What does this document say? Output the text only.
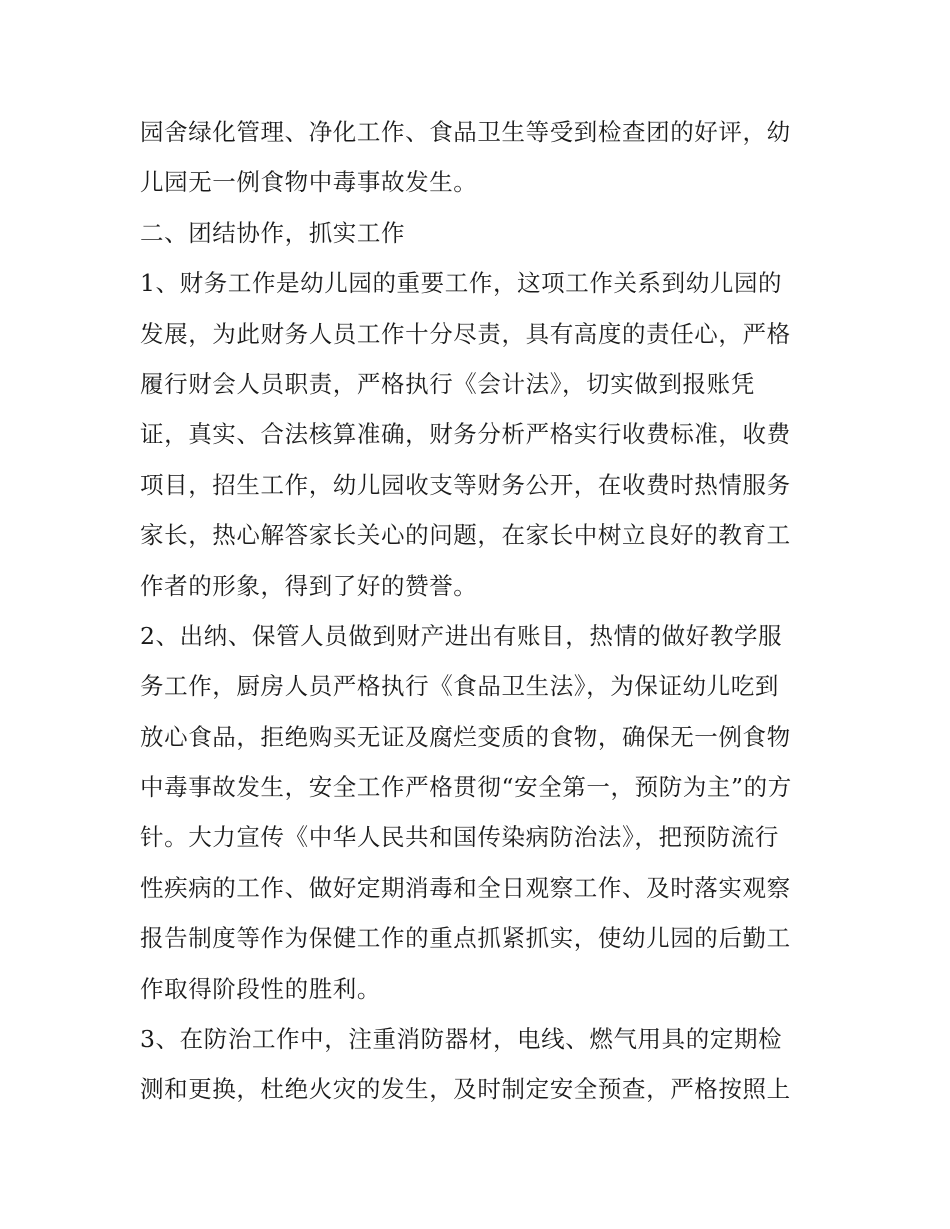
园舍绿化管理、净化工作、食品卫生等受到检查团的好评，幼
儿园无一例食物中毒事故发生。
二、团结协作，抓实工作
1、财务工作是幼儿园的重要工作，这项工作关系到幼儿园的
发展，为此财务人员工作十分尽责，具有高度的责任心，严格
履行财会人员职责，严格执行《会计法》，切实做到报账凭
证，真实、合法核算准确，财务分析严格实行收费标准，收费
项目，招生工作，幼儿园收支等财务公开，在收费时热情服务
家长，热心解答家长关心的问题，在家长中树立良好的教育工
作者的形象，得到了好的赞誉。
2、出纳、保管人员做到财产进出有账目，热情的做好教学服
务工作，厨房人员严格执行《食品卫生法》，为保证幼儿吃到
放心食品，拒绝购买无证及腐烂变质的食物，确保无一例食物
中毒事故发生，安全工作严格贯彻“安全第一，预防为主”的方
针。大力宣传《中华人民共和国传染病防治法》，把预防流行
性疾病的工作、做好定期消毒和全日观察工作、及时落实观察
报告制度等作为保健工作的重点抓紧抓实，使幼儿园的后勤工
作取得阶段性的胜利。
3、在防治工作中，注重消防器材，电线、燃气用具的定期检
测和更换，杜绝火灾的发生，及时制定安全预查，严格按照上
